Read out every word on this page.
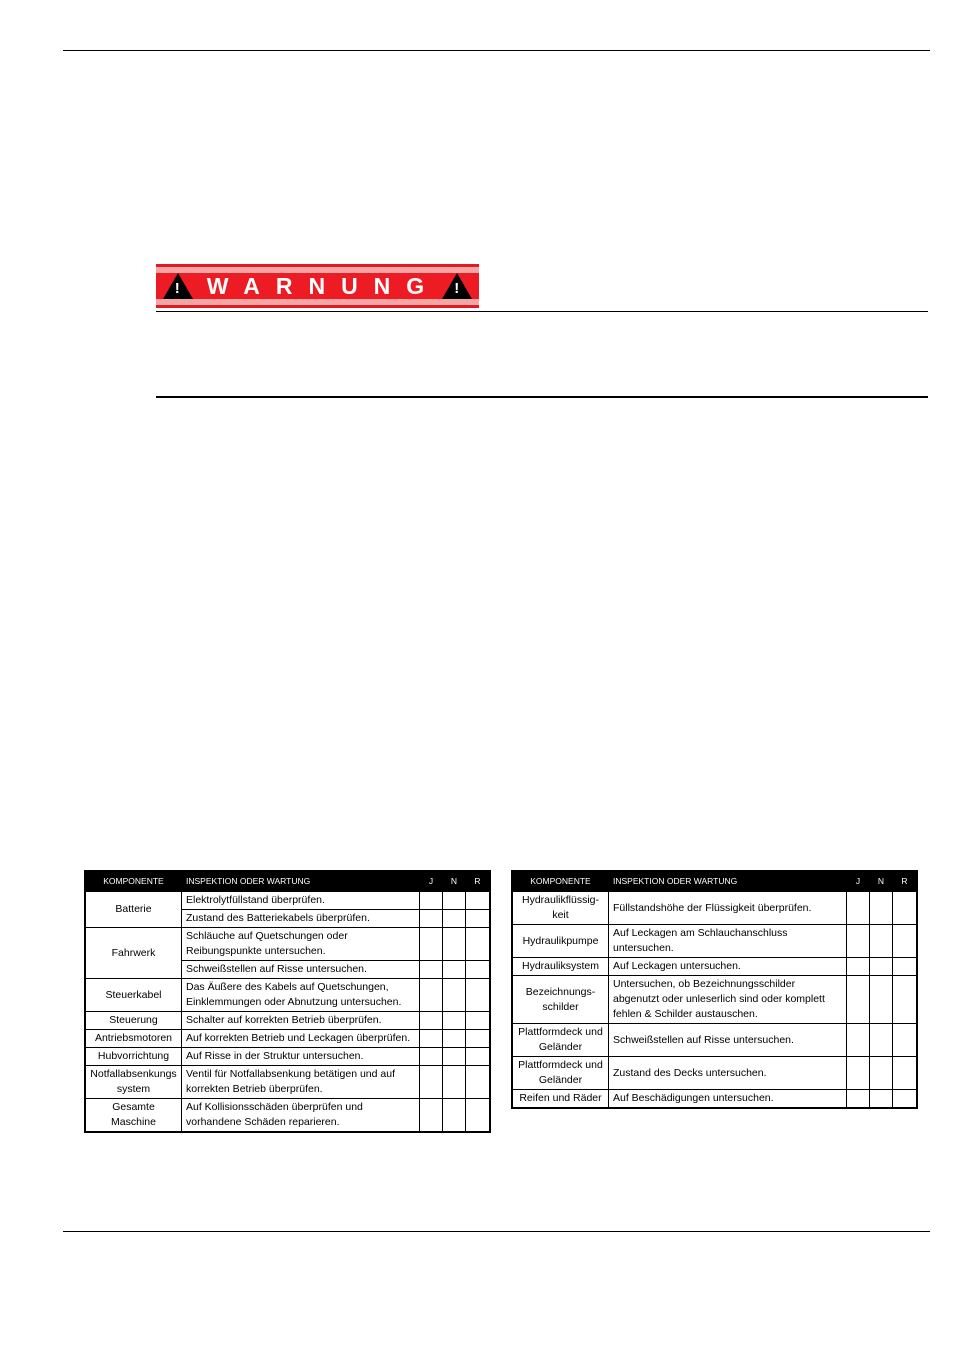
! WARNUNG !
KOMPONENTE	INSPEKTION ODER WARTUNG	J	N	R
Batterie	Elektrolytfüllstand überprüfen.			
	Zustand des Batteriekabels überprüfen.			
Fahrwerk	Schläuche auf Quetschungen oder Reibungspunkte untersuchen.			
	Schweißstellen auf Risse untersuchen.			
Steuerkabel	Das Äußere des Kabels auf Quetschungen, Einklemmungen oder Abnutzung untersuchen.			
Steuerung	Schalter auf korrekten Betrieb überprüfen.			
Antriebsmotoren	Auf korrekten Betrieb und Leckagen überprüfen.			
Hubvorrichtung	Auf Risse in der Struktur untersuchen.			
Notfallabsenkungs system	Ventil für Notfallabsenkung betätigen und auf korrekten Betrieb überprüfen.			
Gesamte Maschine	Auf Kollisionsschäden überprüfen und vorhandene Schäden reparieren.			
KOMPONENTE	INSPEKTION ODER WARTUNG	J	N	R
Hydraulikflüssig-keit	Füllstandshöhe der Flüssigkeit überprüfen.			
Hydraulikpumpe	Auf Leckagen am Schlauchanschluss untersuchen.			
Hydrauliksystem	Auf Leckagen untersuchen.			
Bezeichnungs-schilder	Untersuchen, ob Bezeichnungsschilder abgenutzt oder unleserlich sind oder komplett fehlen & Schilder austauschen.			
Plattformdeck und Geländer	Schweißstellen auf Risse untersuchen.			
Plattformdeck und Geländer	Zustand des Decks untersuchen.			
Reifen und Räder	Auf Beschädigungen untersuchen.			
